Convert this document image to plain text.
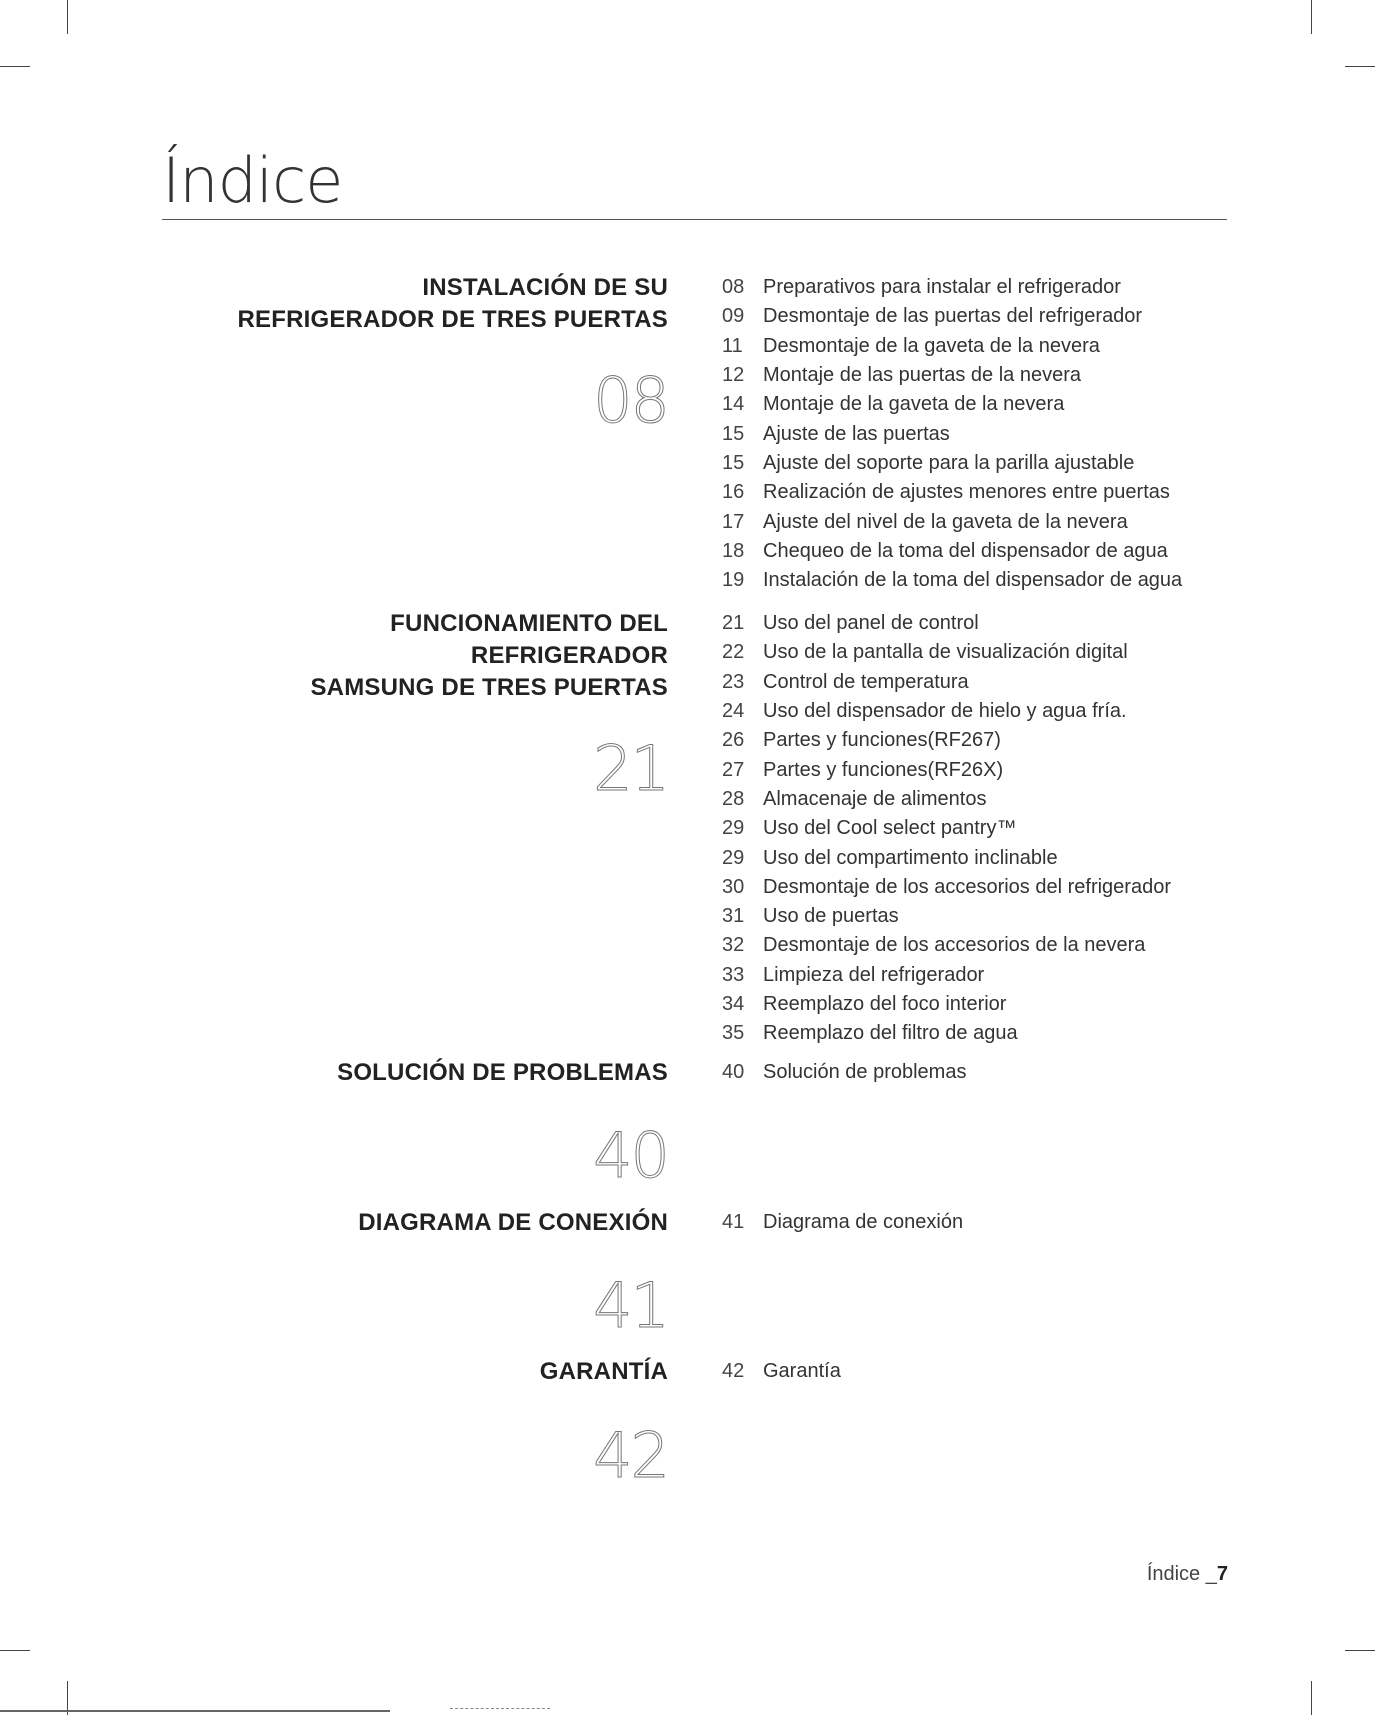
Índice
INSTALACIÓN DE SU
REFRIGERADOR DE TRES PUERTAS
08
08 Preparativos para instalar el refrigerador
09 Desmontaje de las puertas del refrigerador
11	Desmontaje de la gaveta de la nevera
12 Montaje de las puertas de la nevera
14 Montaje de la gaveta de la nevera
15 Ajuste de las puertas
15 Ajuste del soporte para la parilla ajustable
16 Realización de ajustes menores entre puertas
17 Ajuste del nivel de la gaveta de la nevera
18 Chequeo de la toma del dispensador de agua
19 Instalación de la toma del dispensador de agua
FUNCIONAMIENTO DEL
REFRIGERADOR
SAMSUNG DE TRES PUERTAS
21
21 Uso del panel de control
22 Uso de la pantalla de visualización digital
23 Control de temperatura
24 Uso del dispensador de hielo y agua fría.
26 Partes y funciones(RF267)
27 Partes y funciones(RF26X)
28 Almacenaje de alimentos
29 Uso del Cool select pantry™
29 Uso del compartimento inclinable
30 Desmontaje de los accesorios del refrigerador
31 Uso de puertas
32 Desmontaje de los accesorios de la nevera
33 Limpieza del refrigerador
34 Reemplazo del foco interior
35 Reemplazo del filtro de agua
SOLUCIÓN DE PROBLEMAS
40
40 Solución de problemas
DIAGRAMA DE CONEXIÓN
41
41 Diagrama de conexión
GARANTÍA
42
42 Garantía
Índice _7
